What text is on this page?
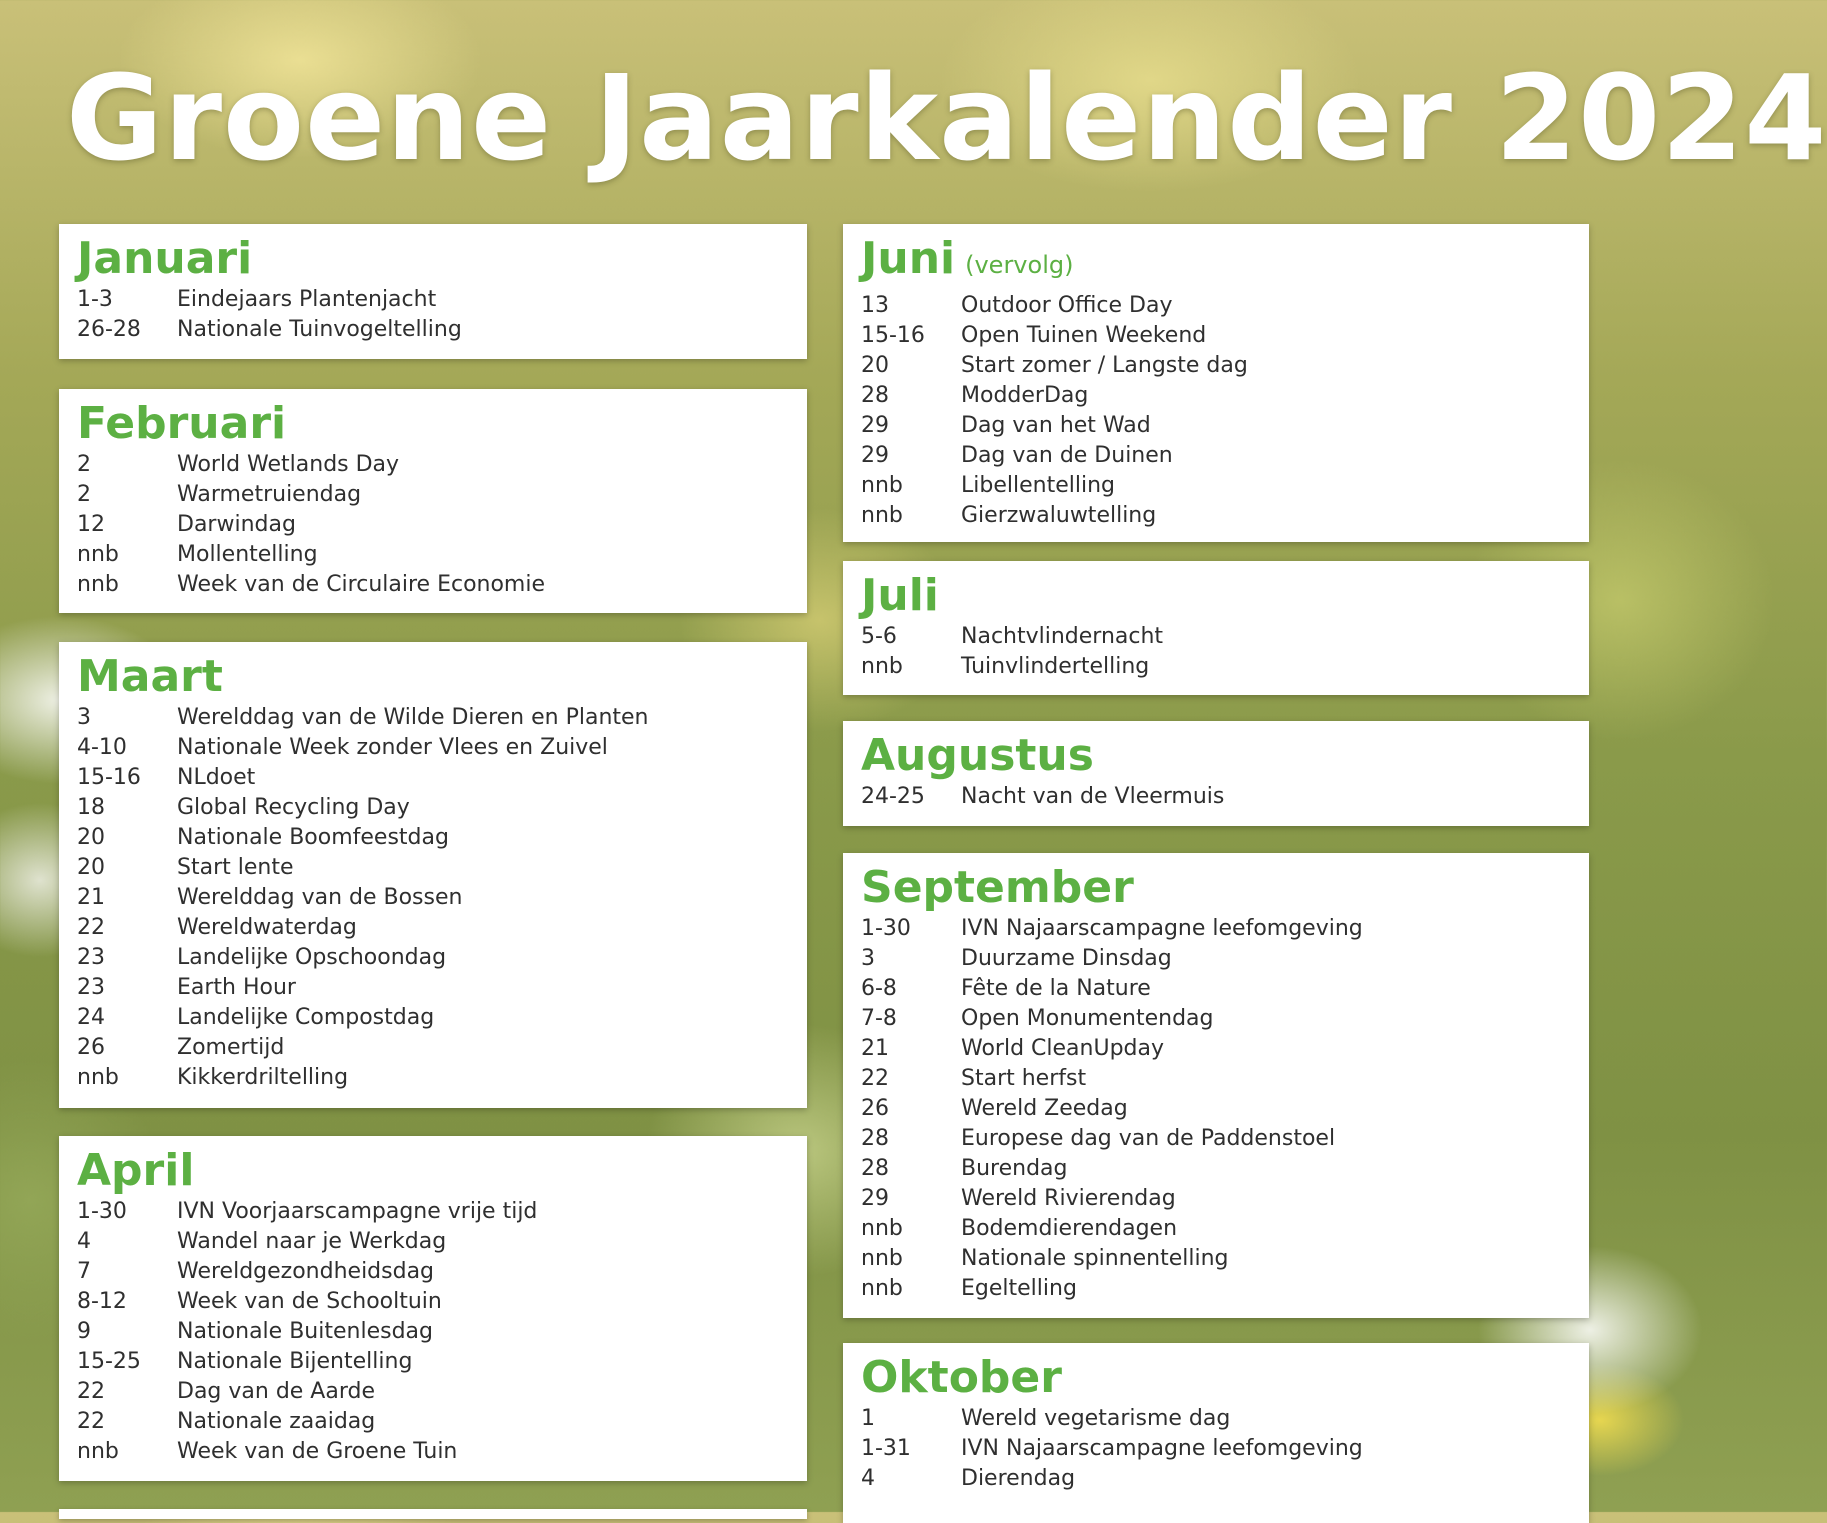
Groene Jaarkalender 2024
Januari
1-3	Eindejaars Plantenjacht
26-28	Nationale Tuinvogeltelling
Februari
2	World Wetlands Day
2	Warmetruiendag
12	Darwindag
nnb	Mollentelling
nnb	Week van de Circulaire Economie
Maart
3	Werelddag van de Wilde Dieren en Planten
4-10	Nationale Week zonder Vlees en Zuivel
15-16	NLdoet
18	Global Recycling Day
20	Nationale Boomfeestdag
20	Start lente
21	Werelddag van de Bossen
22	Wereldwaterdag
23	Landelijke Opschoondag
23	Earth Hour
24	Landelijke Compostdag
26	Zomertijd
nnb	Kikkerdriltelling
April
1-30	IVN Voorjaarscampagne vrije tijd
4	Wandel naar je Werkdag
7	Wereldgezondheidsdag
8-12	Week van de Schooltuin
9	Nationale Buitenlesdag
15-25	Nationale Bijentelling
22	Dag van de Aarde
22	Nationale zaaidag
nnb	Week van de Groene Tuin
Juni (vervolg)
13	Outdoor Office Day
15-16	Open Tuinen Weekend
20	Start zomer / Langste dag
28	ModderDag
29	Dag van het Wad
29	Dag van de Duinen
nnb	Libellentelling
nnb	Gierzwaluwtelling
Juli
5-6	Nachtvlindernacht
nnb	Tuinvlindertelling
Augustus
24-25	Nacht van de Vleermuis
September
1-30	IVN Najaarscampagne leefomgeving
3	Duurzame Dinsdag
6-8	Fête de la Nature
7-8	Open Monumentendag
21	World CleanUpday
22	Start herfst
26	Wereld Zeedag
28	Europese dag van de Paddenstoel
28	Burendag
29	Wereld Rivierendag
nnb	Bodemdierendagen
nnb	Nationale spinnentelling
nnb	Egeltelling
Oktober
1	Wereld vegetarisme dag
1-31	IVN Najaarscampagne leefomgeving
4	Dierendag
